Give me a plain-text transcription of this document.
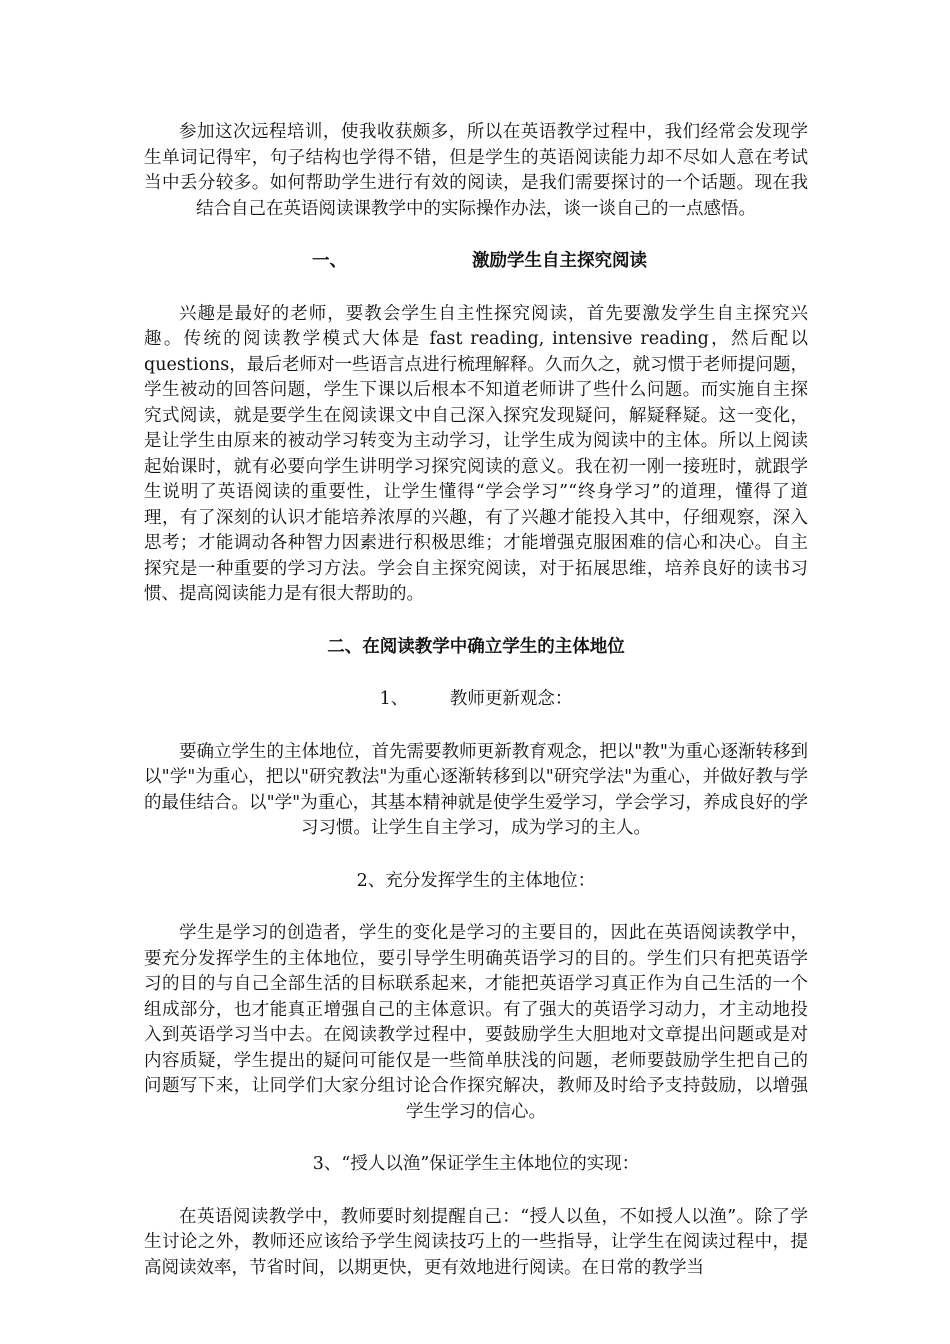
参加这次远程培训，使我收获颇多，所以在英语教学过程中，我们经常会发现学生单词记得牢，句子结构也学得不错，但是学生的英语阅读能力却不尽如人意在考试当中丢分较多。如何帮助学生进行有效的阅读，是我们需要探讨的一个话题。现在我结合自己在英语阅读课教学中的实际操作办法，谈一谈自己的一点感悟。

一、	激励学生自主探究阅读

兴趣是最好的老师，要教会学生自主性探究阅读，首先要激发学生自主探究兴趣。传统的阅读教学模式大体是 fast reading, intensive reading，然后配以 questions，最后老师对一些语言点进行梳理解释。久而久之，就习惯于老师提问题，学生被动的回答问题，学生下课以后根本不知道老师讲了些什么问题。而实施自主探究式阅读，就是要学生在阅读课文中自己深入探究发现疑问，解疑释疑。这一变化，是让学生由原来的被动学习转变为主动学习，让学生成为阅读中的主体。所以上阅读起始课时，就有必要向学生讲明学习探究阅读的意义。我在初一刚一接班时，就跟学生说明了英语阅读的重要性，让学生懂得“学会学习”“终身学习”的道理，懂得了道理，有了深刻的认识才能培养浓厚的兴趣，有了兴趣才能投入其中，仔细观察，深入思考；才能调动各种智力因素进行积极思维；才能增强克服困难的信心和决心。自主探究是一种重要的学习方法。学会自主探究阅读，对于拓展思维，培养良好的读书习惯、提高阅读能力是有很大帮助的。

二、在阅读教学中确立学生的主体地位
1、 教师更新观念：

要确立学生的主体地位，首先需要教师更新教育观念，把以"教"为重心逐渐转移到以"学"为重心，把以"研究教法"为重心逐渐转移到以"研究学法"为重心，并做好教与学的最佳结合。以"学"为重心，其基本精神就是使学生爱学习，学会学习，养成良好的学习习惯。让学生自主学习，成为学习的主人。

2、充分发挥学生的主体地位：

学生是学习的创造者，学生的变化是学习的主要目的，因此在英语阅读教学中，要充分发挥学生的主体地位，要引导学生明确英语学习的目的。学生们只有把英语学习的目的与自己全部生活的目标联系起来，才能把英语学习真正作为自己生活的一个组成部分，也才能真正增强自己的主体意识。有了强大的英语学习动力，才主动地投入到英语学习当中去。在阅读教学过程中，要鼓励学生大胆地对文章提出问题或是对内容质疑，学生提出的疑问可能仅是一些简单肤浅的问题，老师要鼓励学生把自己的问题写下来，让同学们大家分组讨论合作探究解决，教师及时给予支持鼓励，以增强学生学习的信心。

3、“授人以渔”保证学生主体地位的实现：

在英语阅读教学中，教师要时刻提醒自己：“授人以鱼，不如授人以渔”。除了学生讨论之外，教师还应该给予学生阅读技巧上的一些指导，让学生在阅读过程中，提高阅读效率，节省时间，以期更快，更有效地进行阅读。在日常的教学当
